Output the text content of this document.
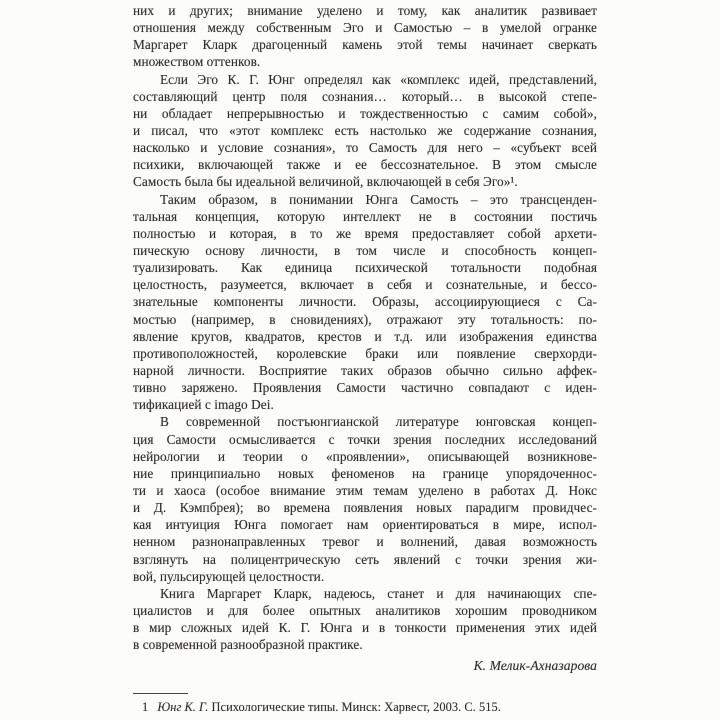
них и других; внимание уделено и тому, как аналитик развивает
отношения между собственным Эго и Самостью – в умелой огранке
Маргарет Кларк драгоценный камень этой темы начинает сверкать
множеством оттенков.
Если Эго К. Г. Юнг определял как «комплекс идей, представлений,
составляющий центр поля сознания… который… в высокой степе-
ни обладает непрерывностью и тождественностью с самим собой»,
и писал, что «этот комплекс есть настолько же содержание сознания,
насколько и условие сознания», то Самость для него – «субъект всей
психики, включающей также и ее бессознательное. В этом смысле
Самость была бы идеальной величиной, включающей в себя Эго»¹.
Таким образом, в понимании Юнга Самость – это трансценден-
тальная концепция, которую интеллект не в состоянии постичь
полностью и которая, в то же время предоставляет собой архети-
пическую основу личности, в том числе и способность концеп-
туализировать. Как единица психической тотальности подобная
целостность, разумеется, включает в себя и сознательные, и бессо-
знательные компоненты личности. Образы, ассоциирующиеся с Са-
мостью (например, в сновидениях), отражают эту тотальность: по-
явление кругов, квадратов, крестов и т.д. или изображения единства
противоположностей, королевские браки или появление сверхорди-
нарной личности. Восприятие таких образов обычно сильно аффек-
тивно заряжено. Проявления Самости частично совпадают с иден-
тификацией с imago Dei.
В современной постъюнгианской литературе юнговская концеп-
ция Самости осмысливается с точки зрения последних исследований
нейрологии и теории о «проявлении», описывающей возникнове-
ние принципиально новых феноменов на границе упорядоченнос-
ти и хаоса (особое внимание этим темам уделено в работах Д. Нокс
и Д. Кэмпбрея); во времена появления новых парадигм провидчес-
кая интуиция Юнга помогает нам ориентироваться в мире, испол-
ненном разнонаправленных тревог и волнений, давая возможность
взглянуть на полицентрическую сеть явлений с точки зрения жи-
вой, пульсирующей целостности.
Книга Маргарет Кларк, надеюсь, станет и для начинающих спе-
циалистов и для более опытных аналитиков хорошим проводником
в мир сложных идей К. Г. Юнга и в тонкости применения этих идей
в современной разнообразной практике.
К. Мелик-Ахназарова
1 Юнг К. Г. Психологические типы. Минск: Харвест, 2003. С. 515.
